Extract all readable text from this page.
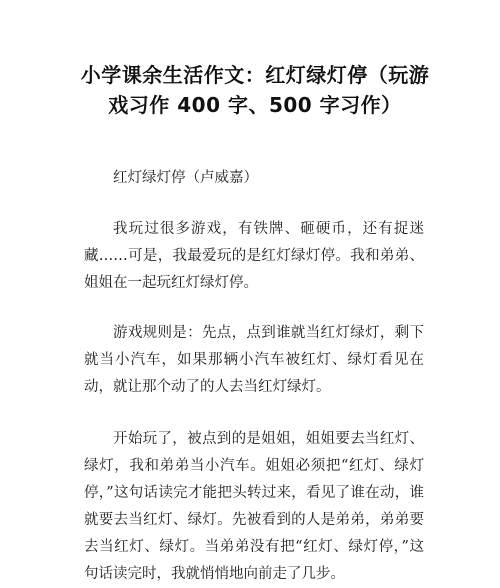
小学课余生活作文：红灯绿灯停（玩游
戏习作 400 字、500 字习作）

红灯绿灯停（卢威嘉）

我玩过很多游戏，有铁牌、砸硬币，还有捉迷藏……可是，我最爱玩的是红灯绿灯停。我和弟弟、姐姐在一起玩红灯绿灯停。

游戏规则是：先点，点到谁就当红灯绿灯，剩下就当小汽车，如果那辆小汽车被红灯、绿灯看见在动，就让那个动了的人去当红灯绿灯。

开始玩了，被点到的是姐姐，姐姐要去当红灯、绿灯，我和弟弟当小汽车。姐姐必须把“红灯、绿灯停，”这句话读完才能把头转过来，看见了谁在动，谁就要去当红灯、绿灯。先被看到的人是弟弟，弟弟要去当红灯、绿灯。当弟弟没有把“红灯、绿灯停，”这句话读完时，我就悄悄地向前走了几步。
